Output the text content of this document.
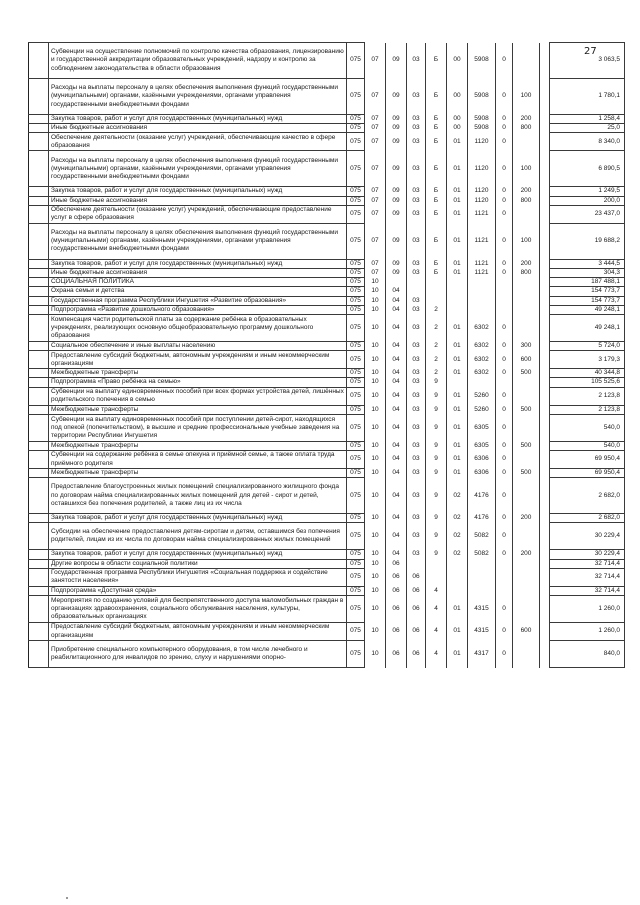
27
	Субвенции на осуществление полномочий по контролю качества образования, лицензированию и государственной аккредитации образовательных учреждений, надзору и контролю за соблюдением законодательства в области образования	075	07	09	03	Б	00	5908	0			3 063,5
	Расходы на выплаты персоналу в целях обеспечения выполнения функций государственными (муниципальными) органами, казёнными учреждениями, органами управления государственными внебюджетными фондами	075	07	09	03	Б	00	5908	0	100		1 780,1
	Закупка товаров, работ и услуг для государственных (муниципальных) нужд	075	07	09	03	Б	00	5908	0	200		1 258,4
	Иные бюджетные ассигнования	075	07	09	03	Б	00	5908	0	800		25,0
	Обеспечение деятельности (оказание услуг) учреждений, обеспечивающие качество в сфере образования	075	07	09	03	Б	01	1120	0			8 340,0
	Расходы на выплаты персоналу в целях обеспечения выполнения функций государственными (муниципальными) органами, казёнными учреждениями, органами управления государственными внебюджетными фондами	075	07	09	03	Б	01	1120	0	100		6 890,5
	Закупка товаров, работ и услуг для государственных (муниципальных) нужд	075	07	09	03	Б	01	1120	0	200		1 249,5
	Иные бюджетные ассигнования	075	07	09	03	Б	01	1120	0	800		200,0
	Обеспечение деятельности (оказание услуг) учреждений, обеспечивающие предоставление услуг в сфере образования	075	07	09	03	Б	01	1121	0			23 437,0
	Расходы на выплаты персоналу в целях обеспечения выполнения функций государственными (муниципальными) органами, казёнными учреждениями, органами управления государственными внебюджетными фондами	075	07	09	03	Б	01	1121	0	100		19 688,2
	Закупка товаров, работ и услуг для государственных (муниципальных) нужд	075	07	09	03	Б	01	1121	0	200		3 444,5
	Иные бюджетные ассигнования	075	07	09	03	Б	01	1121	0	800		304,3
	СОЦИАЛЬНАЯ ПОЛИТИКА	075	10									187 488,1
	Охрана семьи и детства	075	10	04								154 773,7
	Государственная программа Республики Ингушетия «Развитие образования»	075	10	04	03							154 773,7
	Подпрограмма «Развитие дошкольного образования»	075	10	04	03	2						49 248,1
	Компенсация части родительской платы за содержание ребёнка в образовательных учреждениях, реализующих основную общеобразовательную программу дошкольного образования	075	10	04	03	2	01	6302	0			49 248,1
	Социальное обеспечение и иные выплаты населению	075	10	04	03	2	01	6302	0	300		5 724,0
	Предоставление субсидий бюджетным, автономным учреждениям и иным некоммерческим организациям	075	10	04	03	2	01	6302	0	600		3 179,3
	Межбюджетные трансферты	075	10	04	03	2	01	6302	0	500		40 344,8
	Подпрограмма «Право ребёнка на семью»	075	10	04	03	9						105 525,6
	Субвенции на выплату единовременных пособий при всех формах устройства детей, лишённых родительского попечения в семью	075	10	04	03	9	01	5260	0			2 123,8
	Межбюджетные трансферты	075	10	04	03	9	01	5260	0	500		2 123,8
	Субвенции на выплату единовременных пособий при поступлении детей-сирот, находящихся под опекой (попечительством), в высшие и средние профессиональные учебные заведения на территории Республики Ингушетия	075	10	04	03	9	01	6305	0			540,0
	Межбюджетные трансферты	075	10	04	03	9	01	6305	0	500		540,0
	Субвенции на содержание ребёнка в семье опекуна и приёмной семье, а также оплата труда приёмного родителя	075	10	04	03	9	01	6306	0			69 950,4
	Межбюджетные трансферты	075	10	04	03	9	01	6306	0	500		69 950,4
	Предоставление благоустроенных жилых помещений специализированного жилищного фонда по договорам найма специализированных жилых помещений для детей - сирот и детей, оставшихся без попечения родителей, а также лиц из их числа	075	10	04	03	9	02	4176	0			2 682,0
	Закупка товаров, работ и услуг для государственных (муниципальных) нужд	075	10	04	03	9	02	4176	0	200		2 682,0
	Субсидии на обеспечение предоставления детям-сиротам и детям, оставшимся без попечения родителей, лицам из их числа по договорам найма специализированных жилых помещений	075	10	04	03	9	02	5082	0			30 229,4
	Закупка товаров, работ и услуг для государственных (муниципальных) нужд	075	10	04	03	9	02	5082	0	200		30 229,4
	Другие вопросы в области социальной политики	075	10	06								32 714,4
	Государственная программа Республики Ингушетия «Социальная поддержка и содействие занятости населения»	075	10	06	06							32 714,4
	Подпрограмма «Доступная среда»	075	10	06	06	4						32 714,4
	Мероприятия по созданию условий для беспрепятственного доступа маломобильных граждан в организациях здравоохранения, социального обслуживания населения, культуры, образовательных организациях	075	10	06	06	4	01	4315	0			1 260,0
	Предоставление субсидий бюджетным, автономным учреждениям и иным некоммерческим организациям	075	10	06	06	4	01	4315	0	600		1 260,0
	Приобретение специального компьютерного оборудования, в том числе лечебного и реабилитационного для инвалидов по зрению, слуху и нарушениями опорно-	075	10	06	06	4	01	4317	0			840,0
